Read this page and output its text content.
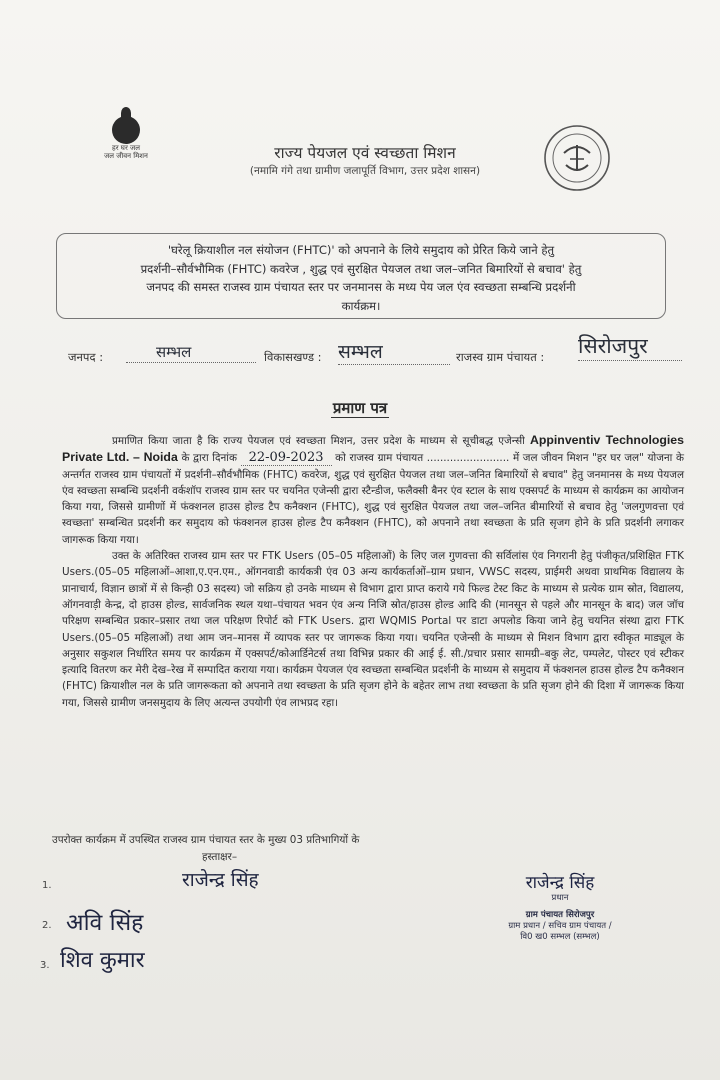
हर घर जल
जल जीवन मिशन	राज्य पेयजल एवं स्वच्छता मिशन
(नमामि गंगे तथा ग्रामीण जलापूर्ति विभाग, उत्तर प्रदेश शासन)
'घरेलू क्रियाशील नल संयोजन (FHTC)' को अपनाने के लिये समुदाय को प्रेरित किये जाने हेतु
प्रदर्शनी–सौर्वभौमिक (FHTC) कवरेज , शुद्ध एवं सुरक्षित पेयजल तथा जल–जनित बिमारियों से बचाव' हेतु
जनपद की समस्त राजस्व ग्राम पंचायत स्तर पर जनमानस के मध्य पेय जल एंव स्वच्छता सम्बन्धि प्रदर्शनी
कार्यक्रम।
जनपद :	सम्भल	विकासखण्ड : सम्भल	राजस्व ग्राम पंचायत : सिरोजपुर
प्रमाण पत्र

प्रमाणित किया जाता है कि राज्य पेयजल एवं स्वच्छता मिशन, उत्तर प्रदेश के माध्यम से सूचीबद्ध एजेन्सी Appinventiv Technologies Private Ltd. – Noida के द्वारा दिनांक 22-09-2023 को राजस्व ग्राम पंचायत ......................... में जल जीवन मिशन "हर घर जल" योजना के अन्तर्गत राजस्व ग्राम पंचायतों में प्रदर्शनी–सौर्वभौमिक (FHTC) कवरेज, शुद्ध एवं सुरक्षित पेयजल तथा जल–जनित बिमारियों से बचाव" हेतु जनमानस के मध्य पेयजल एंव स्वच्छता सम्बन्धि प्रदर्शनी वर्कशॉप राजस्व ग्राम स्तर पर चयनित एजेन्सी द्वारा स्टैन्डीज, फलैक्सी बैनर एंव स्टाल के साथ एक्सपर्ट के माध्यम से कार्यक्रम का आयोजन किया गया, जिससे ग्रामीणों में फंक्शनल हाउस होल्ड टैप कनैक्शन (FHTC), शुद्ध एवं सुरक्षित पेयजल तथा जल–जनित बीमारियों से बचाव हेतु 'जलगुणवत्ता एवं स्वच्छता' सम्बन्धित प्रदर्शनी कर समुदाय को फंक्शनल हाउस होल्ड टैप कनैक्शन (FHTC), को अपनाने तथा स्वच्छता के प्रति सृजग होने के प्रति प्रदर्शनी लगाकर जागरूक किया गया।

उक्त के अतिरिक्त राजस्व ग्राम स्तर पर FTK Users (05–05 महिलाओं) के लिए जल गुणवत्ता की सर्विलांस एंव निगरानी हेतु पंजीकृत/प्रशिक्षित FTK Users.(05–05 महिलाओं–आशा,ए.एन.एम., ऑगनवाडी कार्यकत्री एंव 03 अन्य कार्यकर्ताओं–ग्राम प्रधान, VWSC सदस्य, प्राईमरी अथवा प्राथमिक विद्यालय के प्रानाचार्य, विज्ञान छात्रों में से किन्ही 03 सदस्य) जो सक्रिय हो उनके माध्यम से विभाग द्वारा प्राप्त कराये गये फिल्ड टेस्ट किट के माध्यम से प्रत्येक ग्राम स्रोत, विद्यालय, ऑगनवाड़ी केन्द्र, दो हाउस होल्ड, सार्वजनिक स्थल यथा–पंचायत भवन एंव अन्य निजि स्रोत/हाउस होल्ड आदि की (मानसून से पहले और मानसून के बाद) जल जॉच परिक्षण सम्बन्धित प्रकार–प्रसार तथा जल परिक्षण रिपोर्ट को FTK Users. द्वारा WQMIS Portal पर डाटा अपलोड किया जाने हेतु चयनित संस्था द्वारा FTK Users.(05–05 महिलाओं) तथा आम जन–मानस में व्यापक स्तर पर जागरूक किया गया। चयनित एजेन्सी के माध्यम से मिशन विभाग द्वारा स्वीकृत माड्यूल के अनुसार सकुशल निर्धारित समय पर कार्यक्रम में एक्सपर्ट/कोआर्डिनेटर्स तथा विभिन्न प्रकार की आई ई. सी./प्रचार प्रसार सामग्री–बकु लेट, पम्पलेट, पोस्टर एवं स्टीकर इत्यादि वितरण कर मेरी देख–रेख में सम्पादित कराया गया। कार्यक्रम पेयजल एंव स्वच्छता सम्बन्धित प्रदर्शनी के माध्यम से समुदाय में फंक्शनल हाउस होल्ड टैप कनैक्शन (FHTC) क्रियाशील नल के प्रति जागरूकता को अपनाने तथा स्वच्छता के प्रति सृजग होने के बहेतर लाभ तथा स्वच्छता के प्रति सृजग होने की दिशा में जागरूक किया गया, जिससे ग्रामीण जनसमुदाय के लिए अत्यन्त उपयोगी एंव लाभप्रद रहा।

उपरोक्त कार्यक्रम में उपस्थित राजस्व ग्राम पंचायत स्तर के मुख्य 03 प्रतिभागियों के
हस्ताक्षर–
राजेन्द्र सिंह
1.
2. अवि सिंह
3. शिव कुमार
राजेन्द्र सिंह
प्रधान
ग्राम पंचायत सिरोजपुर
ग्राम प्रधान / सचिव ग्राम पंचायत /
वि0 ख0 सम्भल (सम्भल)
